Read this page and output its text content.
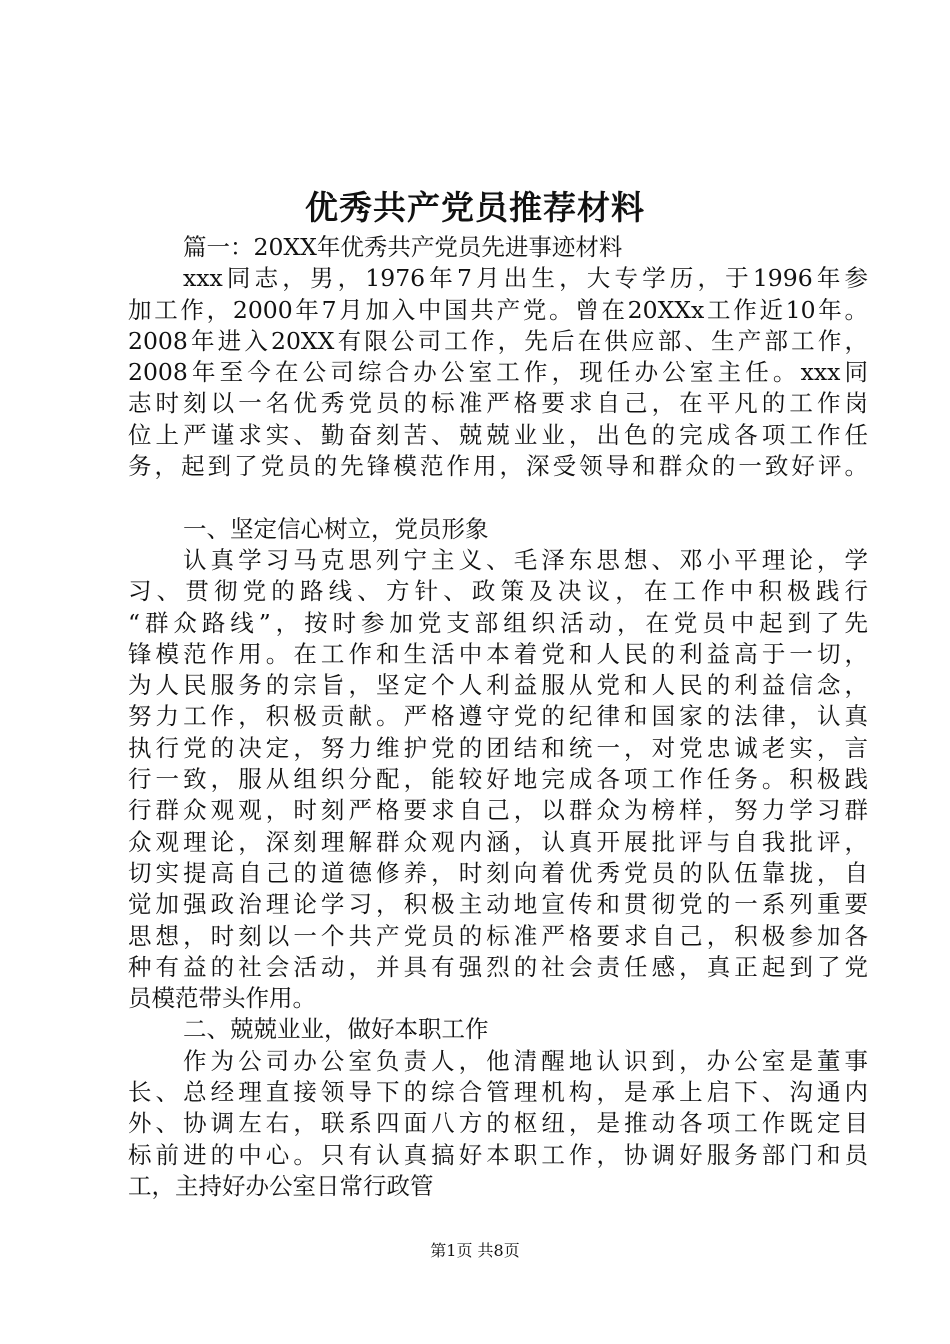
优秀共产党员推荐材料
篇一：20XX年优秀共产党员先进事迹材料
xxx同志，男，1976年7月出生，大专学历，于1996年参
加工作，2000年7月加入中国共产党。曾在20XXx工作近10年。
2008年进入20XX有限公司工作，先后在供应部、生产部工作，
2008年至今在公司综合办公室工作，现任办公室主任。xxx同
志时刻以一名优秀党员的标准严格要求自己，在平凡的工作岗
位上严谨求实、勤奋刻苦、兢兢业业，出色的完成各项工作任
务，起到了党员的先锋模范作用，深受领导和群众的一致好评。
一、坚定信心树立，党员形象
认真学习马克思列宁主义、毛泽东思想、邓小平理论，学
习、贯彻党的路线、方针、政策及决议，在工作中积极践行
“群众路线”，按时参加党支部组织活动，在党员中起到了先
锋模范作用。在工作和生活中本着党和人民的利益高于一切，
为人民服务的宗旨，坚定个人利益服从党和人民的利益信念，
努力工作，积极贡献。严格遵守党的纪律和国家的法律，认真
执行党的决定，努力维护党的团结和统一，对党忠诚老实，言
行一致，服从组织分配，能较好地完成各项工作任务。积极践
行群众观观，时刻严格要求自己，以群众为榜样，努力学习群
众观理论，深刻理解群众观内涵，认真开展批评与自我批评，
切实提高自己的道德修养，时刻向着优秀党员的队伍靠拢，自
觉加强政治理论学习，积极主动地宣传和贯彻党的一系列重要
思想，时刻以一个共产党员的标准严格要求自己，积极参加各
种有益的社会活动，并具有强烈的社会责任感，真正起到了党
员模范带头作用。
二、兢兢业业，做好本职工作
作为公司办公室负责人，他清醒地认识到，办公室是董事
长、总经理直接领导下的综合管理机构，是承上启下、沟通内
外、协调左右，联系四面八方的枢纽，是推动各项工作既定目
标前进的中心。只有认真搞好本职工作，协调好服务部门和员
工，主持好办公室日常行政管
第1页 共8页
